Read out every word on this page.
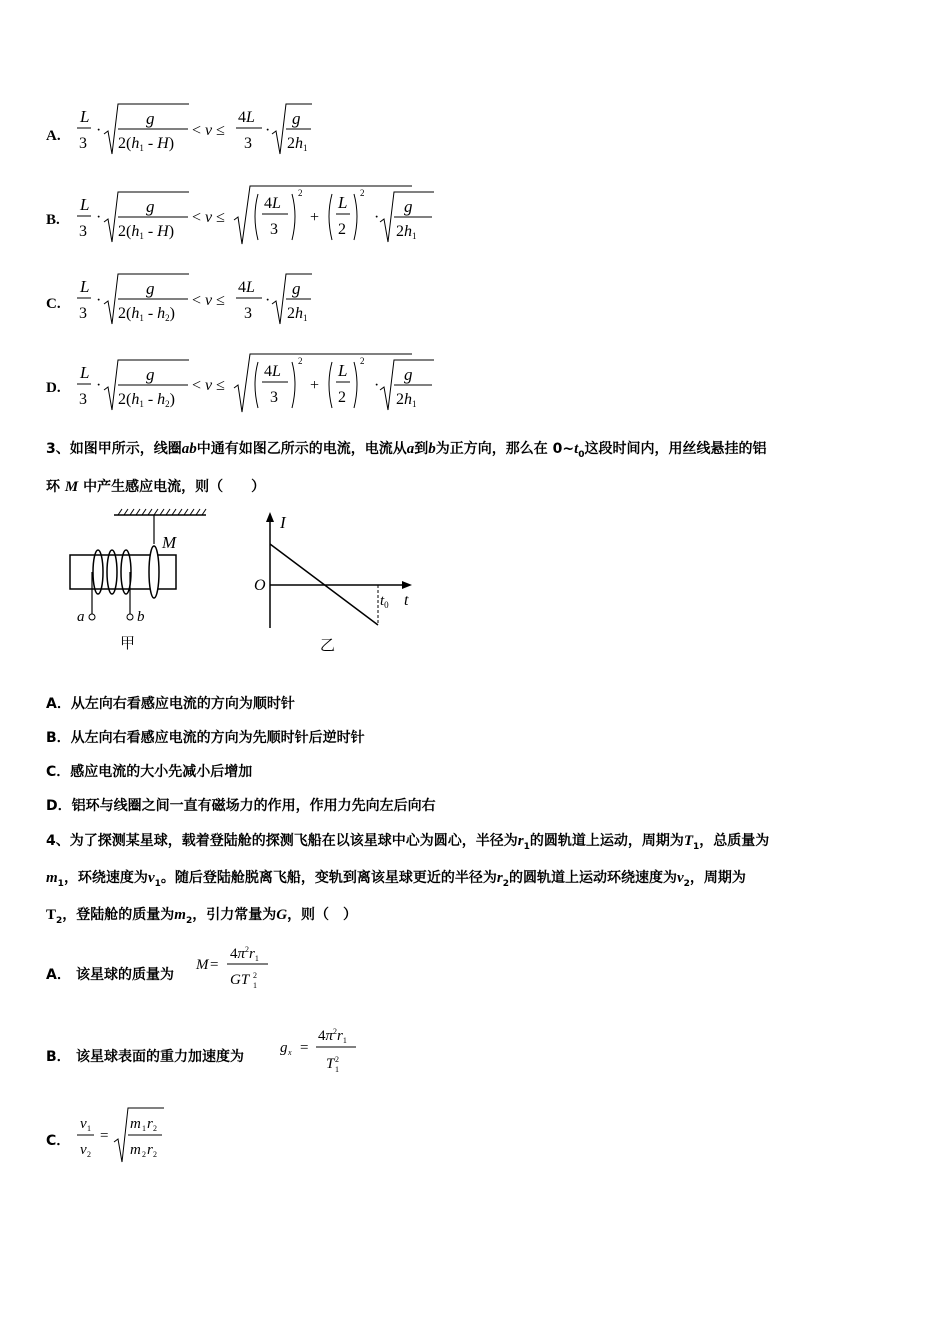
A.
L
3
·
g
2(h1 - H)
< v ≤
4L
3
·
g
2h1
B.
L
3
·
g
2(h1 - H)
< v ≤
4L
3
2
+
L
2
2
·
g
2h1
C.
L
3
·
g
2(h1 - h2)
< v ≤
4L
3
·
g
2h1
D.
L
3
·
g
2(h1 - h2)
< v ≤
4L
3
2
+
L
2
2
·
g
2h1
3、如图甲所示，线圈ab中通有如图乙所示的电流，电流从a到b为正方向，那么在 $0\sim t_0$这段时间内，用丝线悬挂的铝
环 M 中产生感应电流，则（　　）
M
a	b
甲
I
O
$t_0$ t
乙
A．从左向右看感应电流的方向为顺时针
B．从左向右看感应电流的方向为先顺时针后逆时针
C．感应电流的大小先减小后增加
D．铝环与线圈之间一直有磁场力的作用，作用力先向左后向右
4、为了探测某星球，载着登陆舱的探测飞船在以该星球中心为圆心，半径为$r_1$的圆轨道上运动，周期为$T_1$，总质量为
$m_1$，环绕速度为$v_1$。随后登陆舱脱离飞船，变轨到离该星球更近的半径为$r_2$的圆轨道上运动环绕速度为$v_2$，周期为
$T_2$，登陆舱的质量为$m_2$，引力常量为G，则（　）
A． 该星球的质量为
M =
$4\pi^2r_1$
GT 2
1
B． 该星球表面的重力加速度为
g x =
$4\pi^2r_1$
T 2
1
C．
v 1
v 2
=
m 1 r 2
m 2 r 2
